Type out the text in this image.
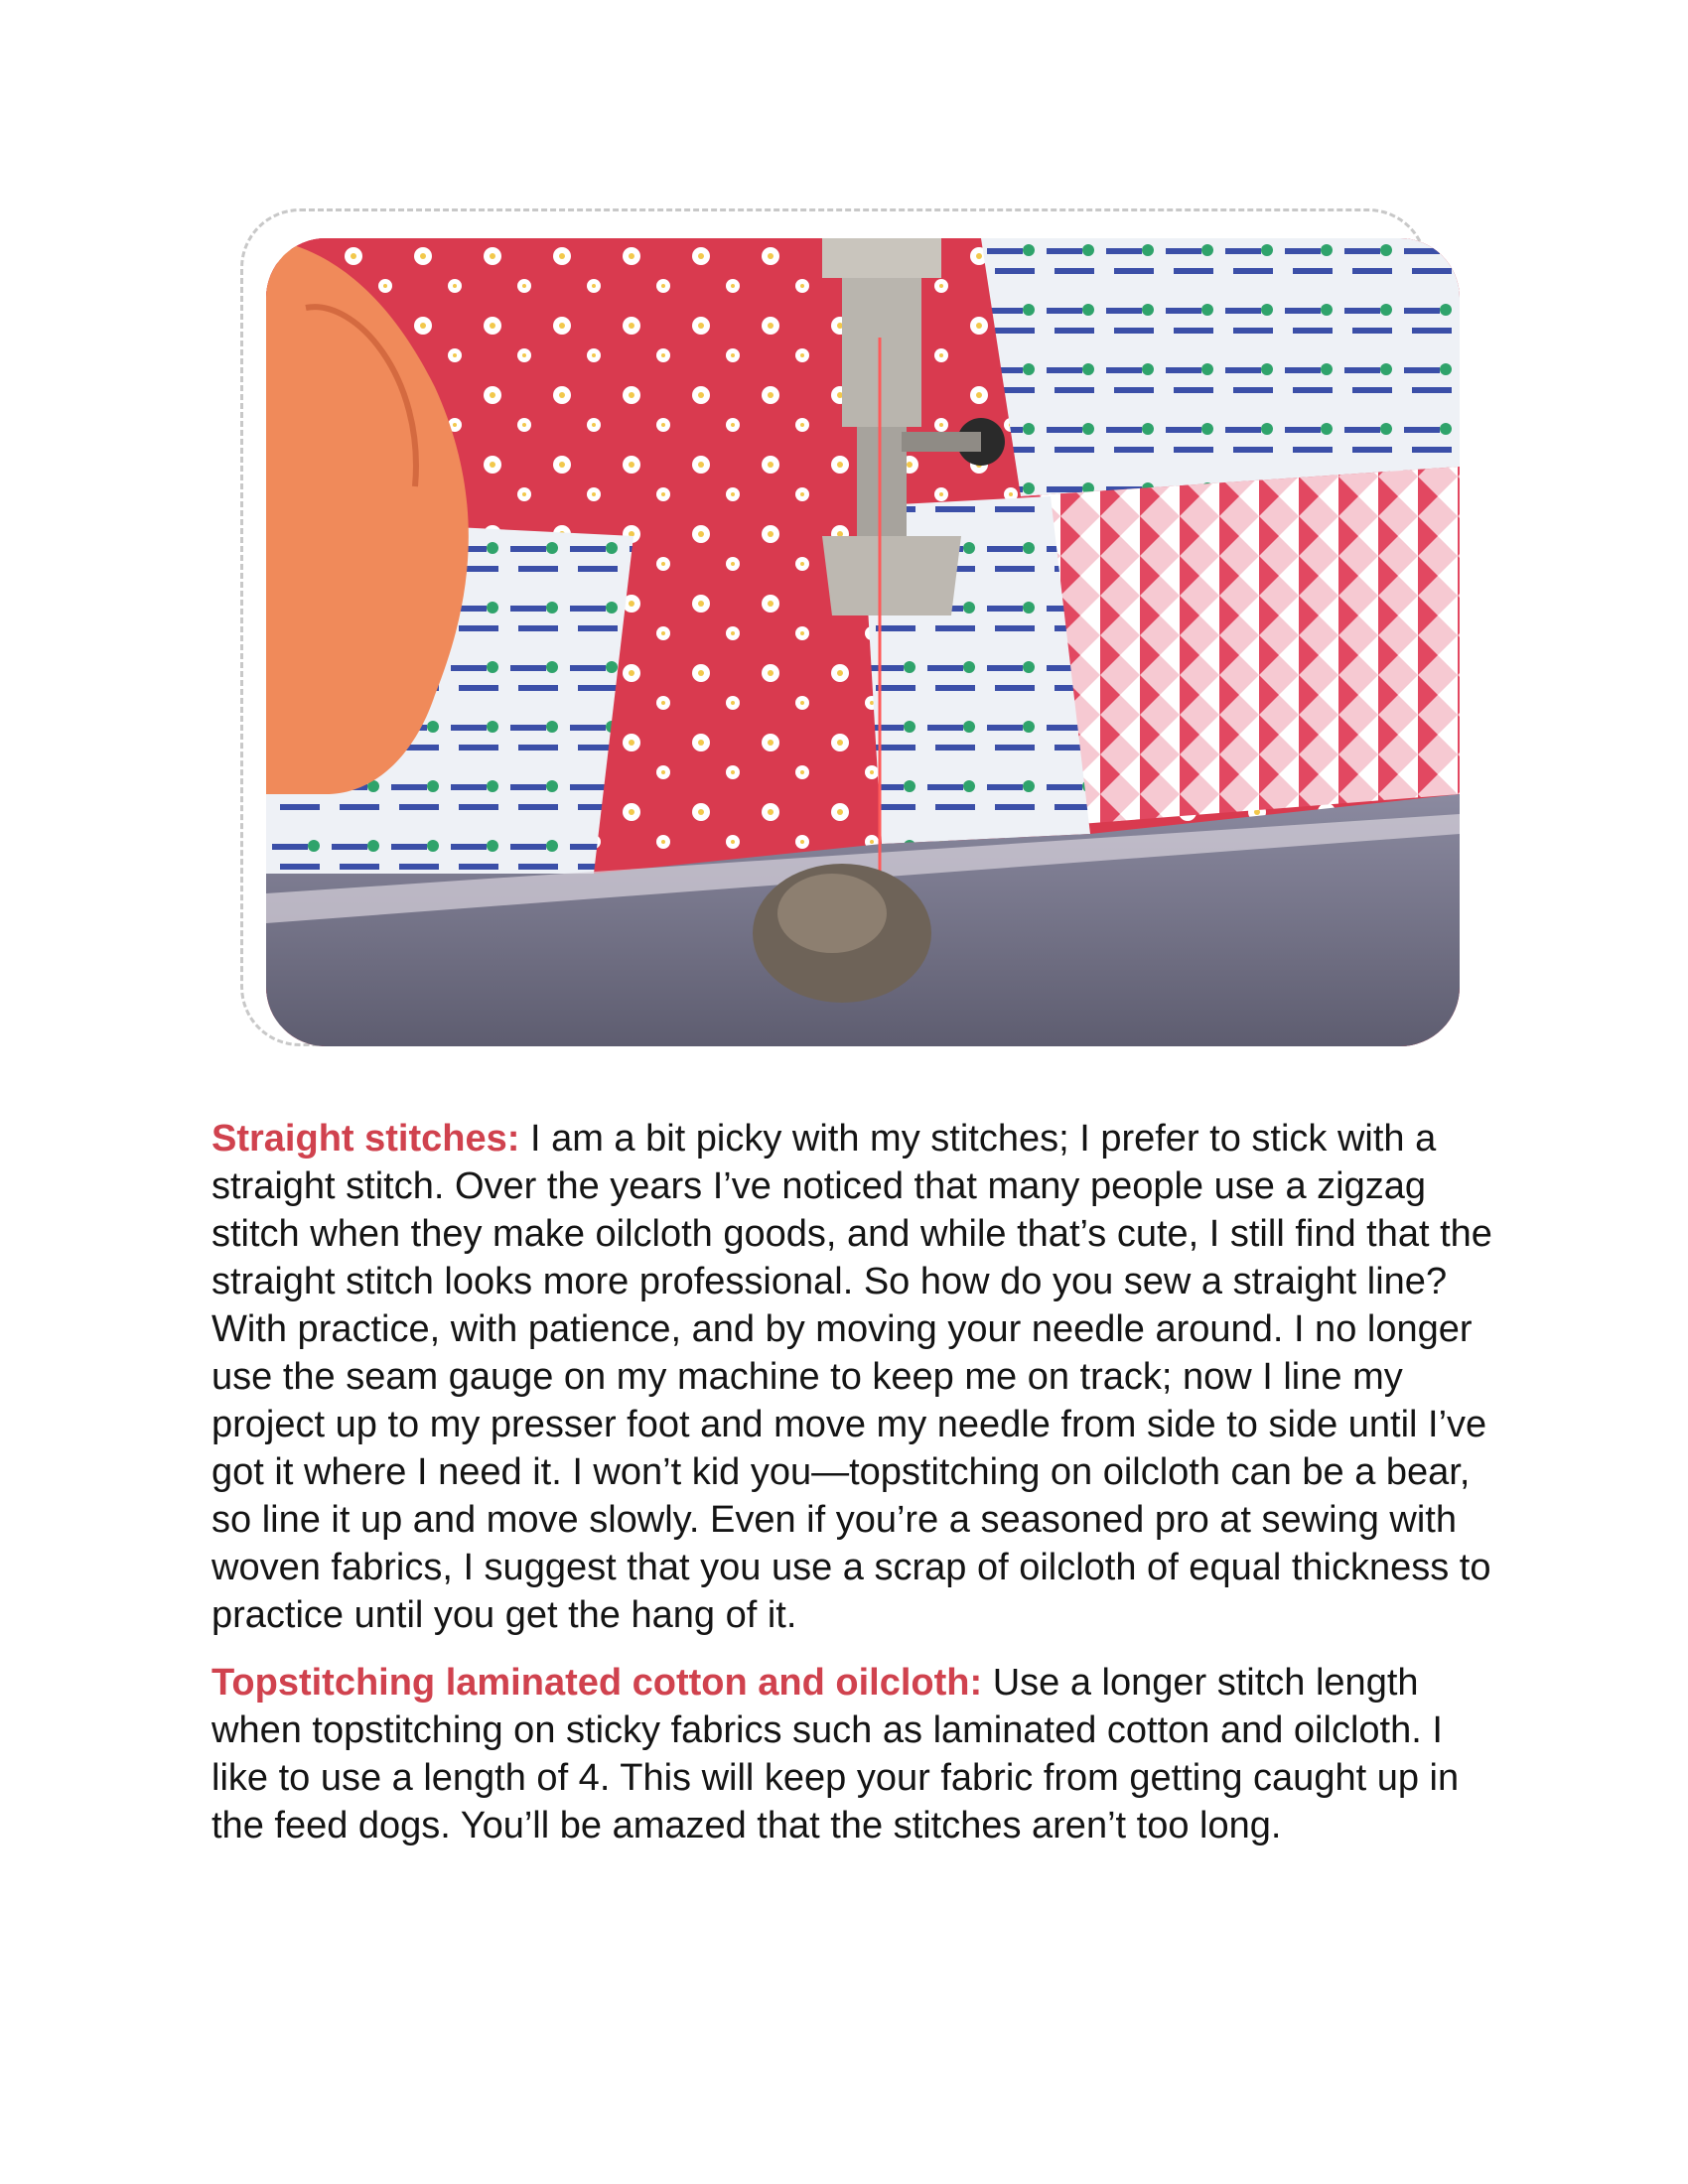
Straight stitches: I am a bit picky with my stitches; I prefer to stick with a straight stitch. Over the years I’ve noticed that many people use a zigzag stitch when they make oilcloth goods, and while that’s cute, I still find that the straight stitch looks more professional. So how do you sew a straight line? With practice, with patience, and by moving your needle around. I no longer use the seam gauge on my machine to keep me on track; now I line my project up to my presser foot and move my needle from side to side until I’ve got it where I need it. I won’t kid you—topstitching on oilcloth can be a bear, so line it up and move slowly. Even if you’re a seasoned pro at sewing with woven fabrics, I suggest that you use a scrap of oilcloth of equal thickness to practice until you get the hang of it.

Topstitching laminated cotton and oilcloth: Use a longer stitch length when topstitching on sticky fabrics such as laminated cotton and oilcloth. I like to use a length of 4. This will keep your fabric from getting caught up in the feed dogs. You’ll be amazed that the stitches aren’t too long.
